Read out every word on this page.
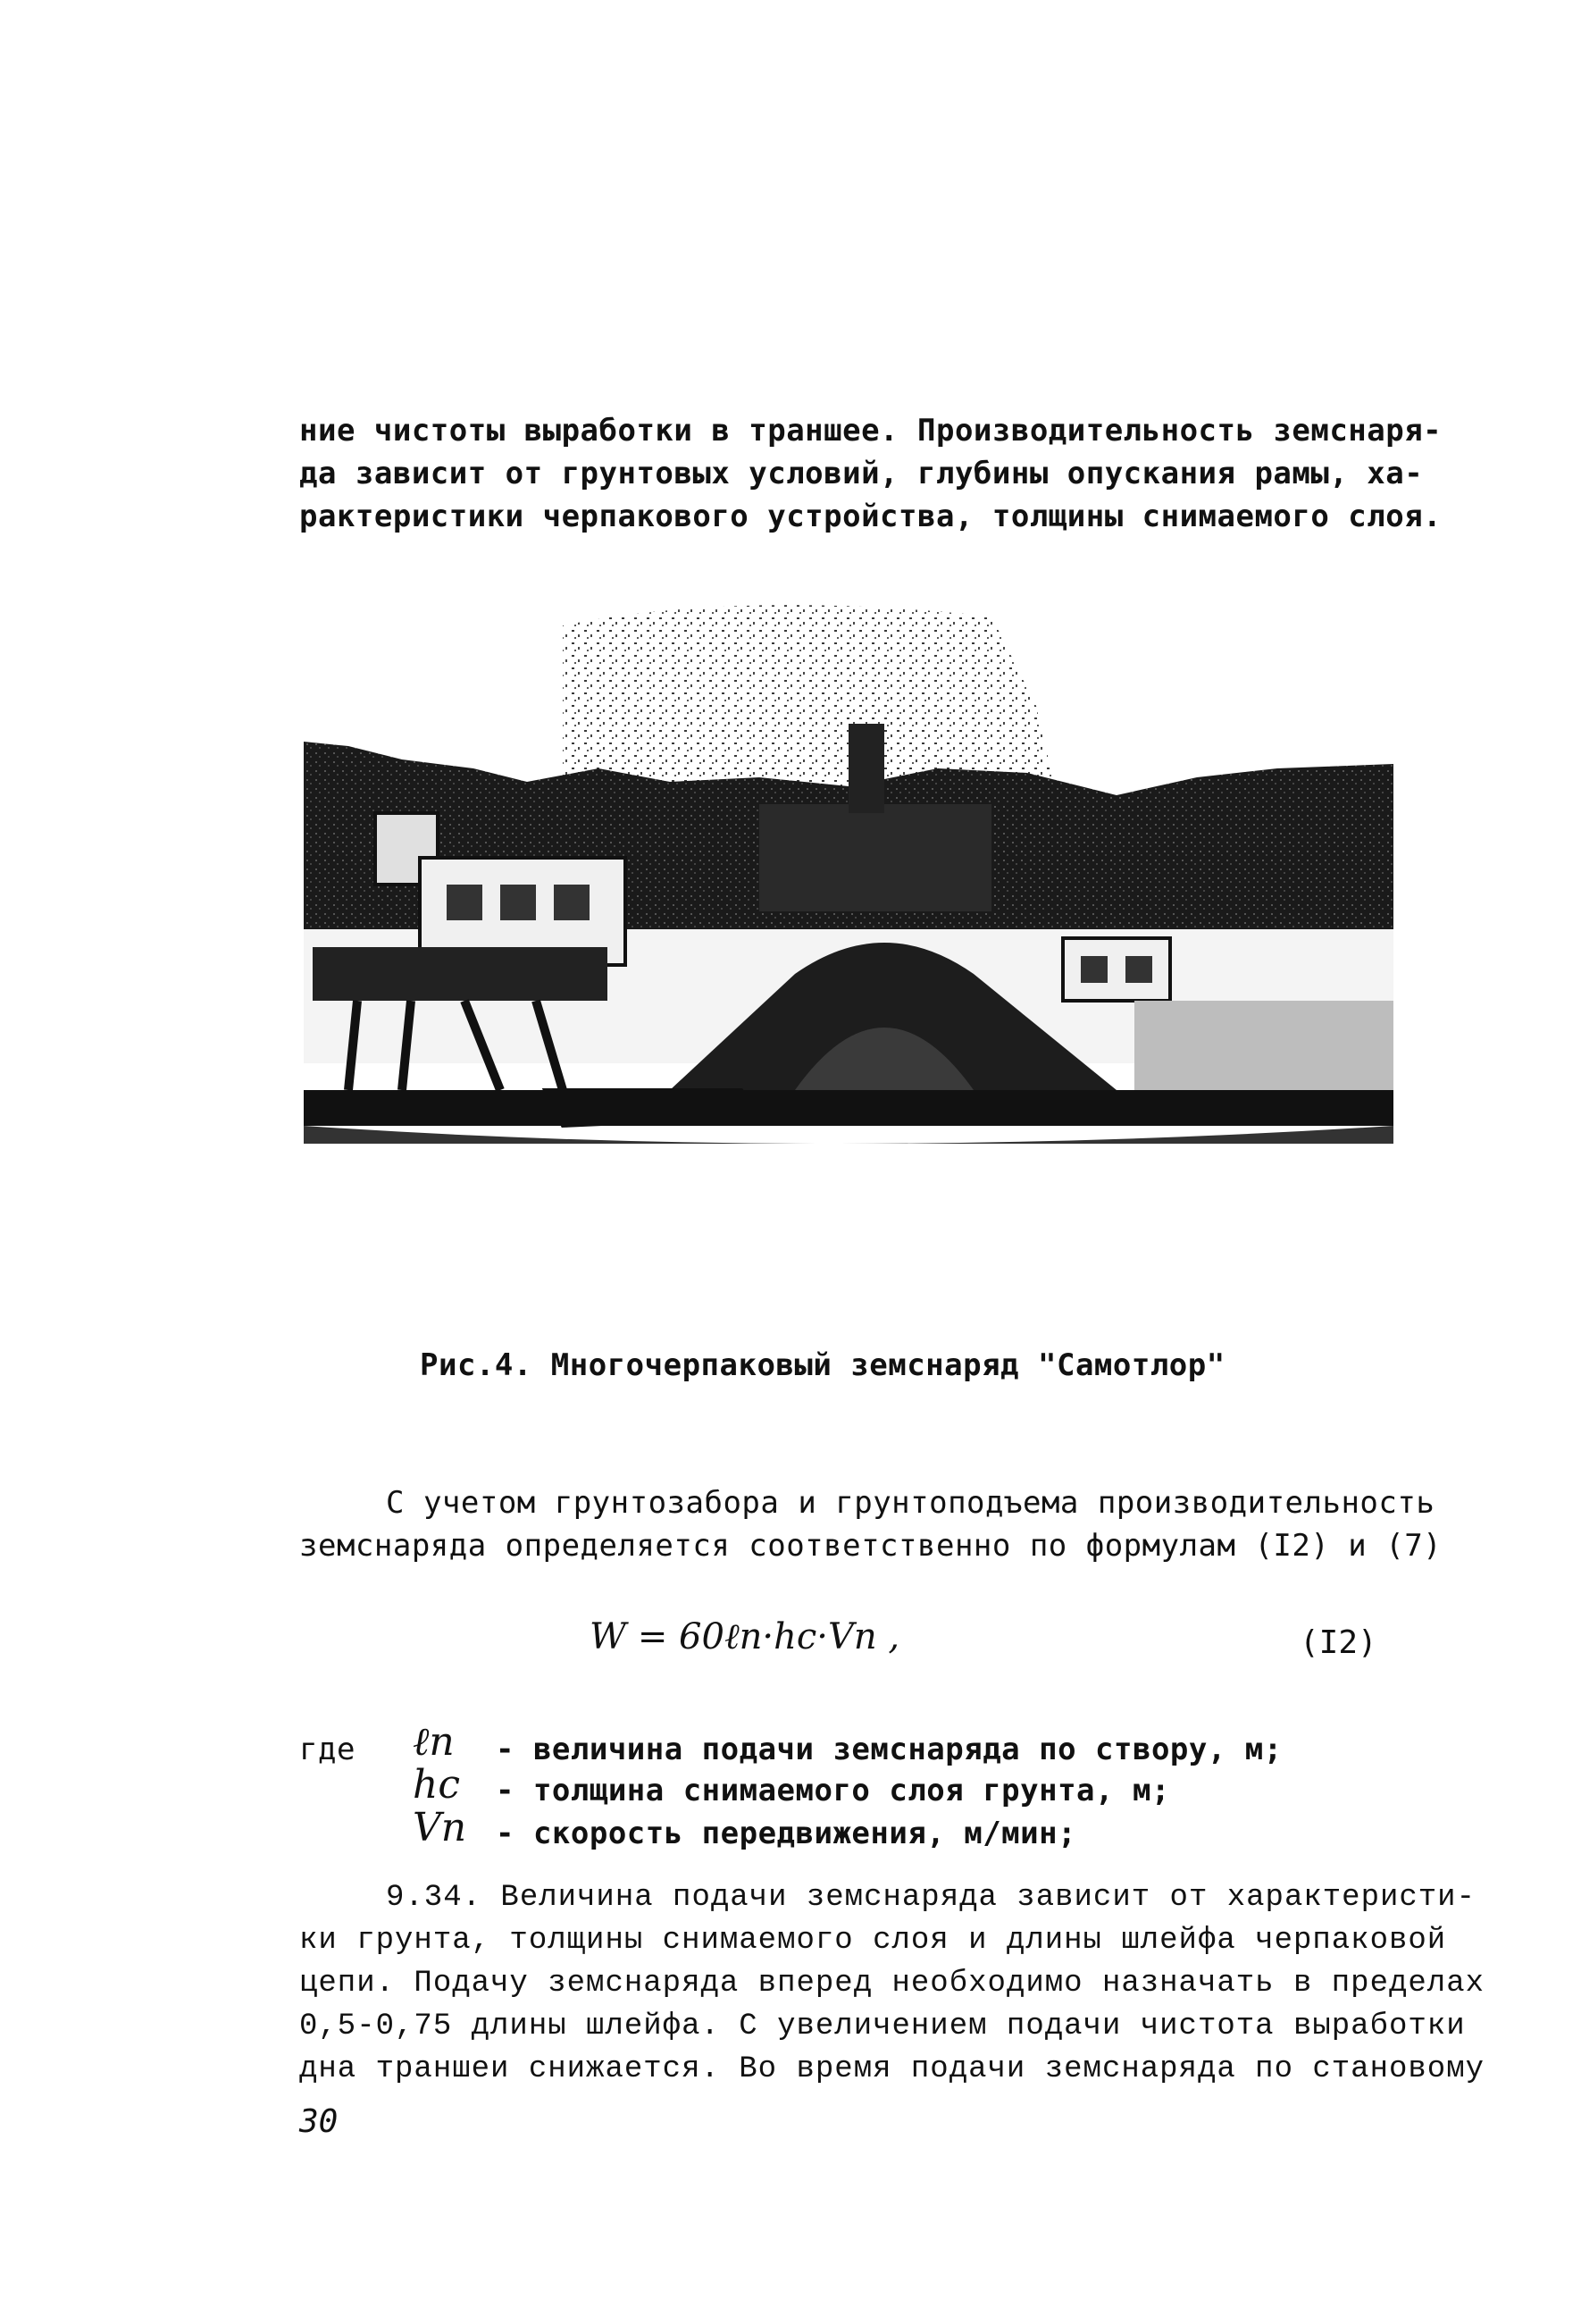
ние чистоты выработки в траншее. Производительность земснаря-
да зависит от грунтовых условий, глубины опускания рамы, ха-
рактеристики черпакового устройства, толщины снимаемого слоя.
Рис.4. Многочерпаковый земснаряд "Самотлор"
С учетом грунтозабора и грунтоподъема производительность
земснаряда определяется соответственно по формулам (I2) и (7)
W = 60ℓп·hс·Vп ,	(I2)
где ℓп - величина подачи земснаряда по створу, м;
hс - толщина снимаемого слоя грунта, м;
Vп - скорость передвижения, м/мин;
9.34. Величина подачи земснаряда зависит от характеристи-
ки грунта, толщины снимаемого слоя и длины шлейфа черпаковой
цепи. Подачу земснаряда вперед необходимо назначать в пределах
0,5-0,75 длины шлейфа. С увеличением подачи чистота выработки
дна траншеи снижается. Во время подачи земснаряда по становому
30
